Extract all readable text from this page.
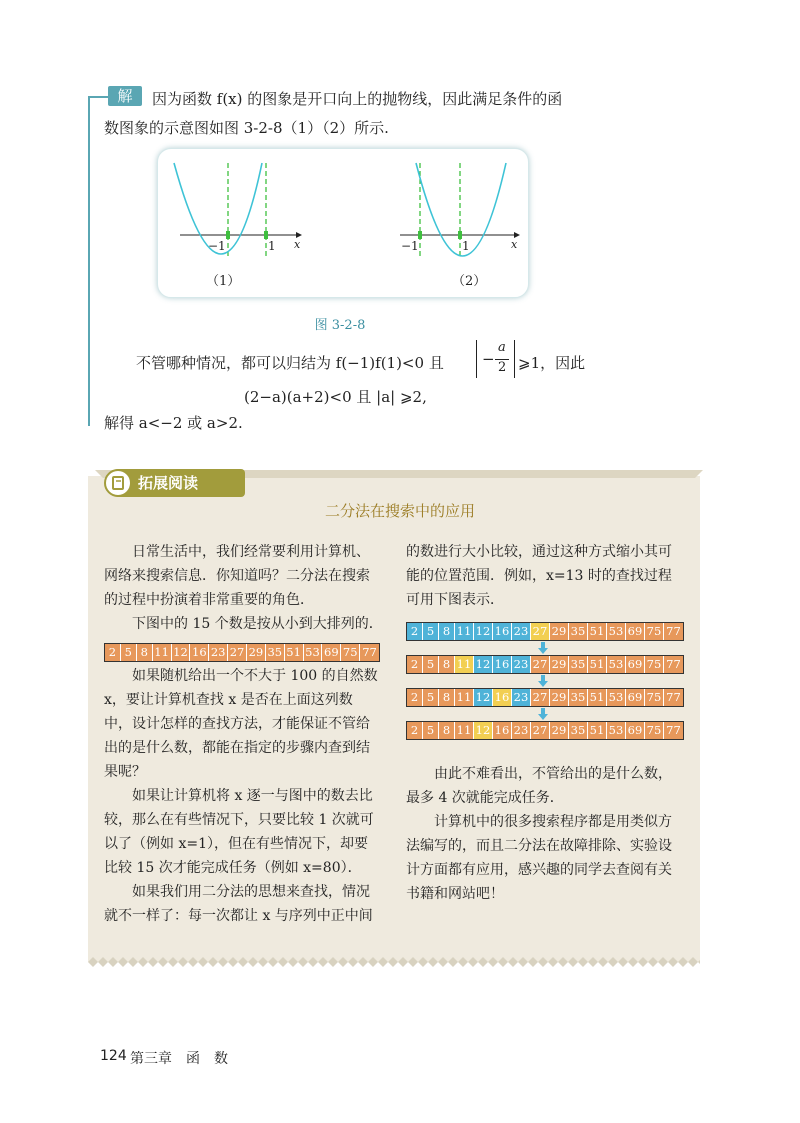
解	因为函数 f(x) 的图象是开口向上的抛物线，因此满足条件的函
数图象的示意图如图 3-2-8（1）（2）所示.
−1	1 x
（1）
−1	1	x
（2）
图 3-2-8
不管哪种情况，都可以归结为 f(−1)f(1)<0 且	−
a
2 ⩾1，因此
(2−a)(a+2)<0 且 |a| ⩾2,
解得 a<−2 或 a>2.
拓展阅读
二分法在搜索中的应用
　　日常生活中，我们经常要利用计算机、
网络来搜索信息．你知道吗？二分法在搜索
的过程中扮演着非常重要的角色．
　　下图中的 15 个数是按从小到大排列的．
2 5 8 11 12 16 23 27 29 35 51 53 69 75 77
　　如果随机给出一个不大于 100 的自然数
x，要让计算机查找 x 是否在上面这列数
中，设计怎样的查找方法，才能保证不管给
出的是什么数，都能在指定的步骤内查到结
果呢？
　　如果让计算机将 x 逐一与图中的数去比
较，那么在有些情况下，只要比较 1 次就可
以了（例如 x=1），但在有些情况下，却要
比较 15 次才能完成任务（例如 x=80）．
　　如果我们用二分法的思想来查找，情况
就不一样了：每一次都让 x 与序列中正中间
的数进行大小比较，通过这种方式缩小其可
能的位置范围．例如，x=13 时的查找过程
可用下图表示．
2 5 8 11 12 16 23 27 29 35 51 53 69 75 77
2 5 8 11 12 16 23 27 29 35 51 53 69 75 77
2 5 8 11 12 16 23 27 29 35 51 53 69 75 77
2 5 8 11 12 16 23 27 29 35 51 53 69 75 77
　　由此不难看出，不管给出的是什么数，
最多 4 次就能完成任务．
　　计算机中的很多搜索程序都是用类似方
法编写的，而且二分法在故障排除、实验设
计方面都有应用，感兴趣的同学去查阅有关
书籍和网站吧！
124 第三章　函　数
